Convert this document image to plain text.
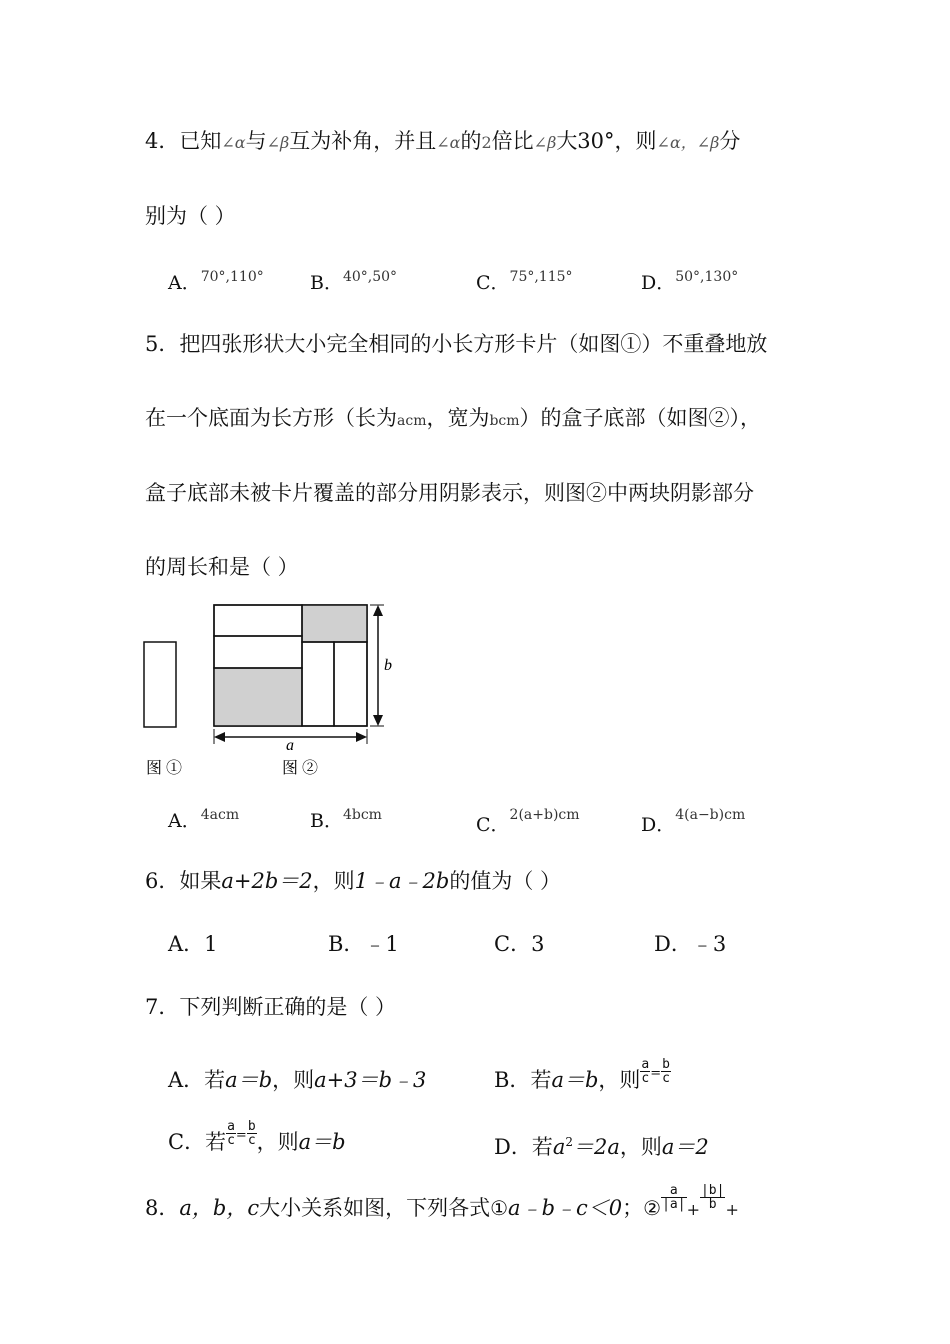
4．已知∠α与∠β互为补角，并且∠α的2倍比∠β大30°，则∠α，∠β分
别为（ ）
A．$^{70^\circ,110^\circ}$ B．$^{40^\circ,50^\circ}$	C．$^{75^\circ,115^\circ}$	D．$^{50^\circ,130^\circ}$
5．把四张形状大小完全相同的小长方形卡片（如图①）不重叠地放
在一个底面为长方形（长为acm，宽为bcm）的盒子底部（如图②），
盒子底部未被卡片覆盖的部分用阴影表示，则图②中两块阴影部分
的周长和是（ ）
b
a
图 ①	图 ②
A．$^{4acm}$	B．$^{4bcm}$	C．$^{2(a+b)cm}$	D．$^{4(a-b)cm}$
6．如果a+2b＝2，则1﹣a﹣2b的值为（ ）
A．1	B．﹣1	C．3	D．﹣3
7．下列判断正确的是（ ）
A．若a＝b，则a+3＝b﹣3	B．若a＝b，则 $\frac{a}{c} ^= \frac{b}{c}$
C．若 $\frac{a}{c} ^= \frac{b}{c}$ ，则a＝b	D．若$a^2=2a$，则a＝2
8．a，b，c大小关系如图，下列各式①a﹣b﹣c＜0；② $\frac{a}{|a|} + \frac{|b|}{b}$ +
